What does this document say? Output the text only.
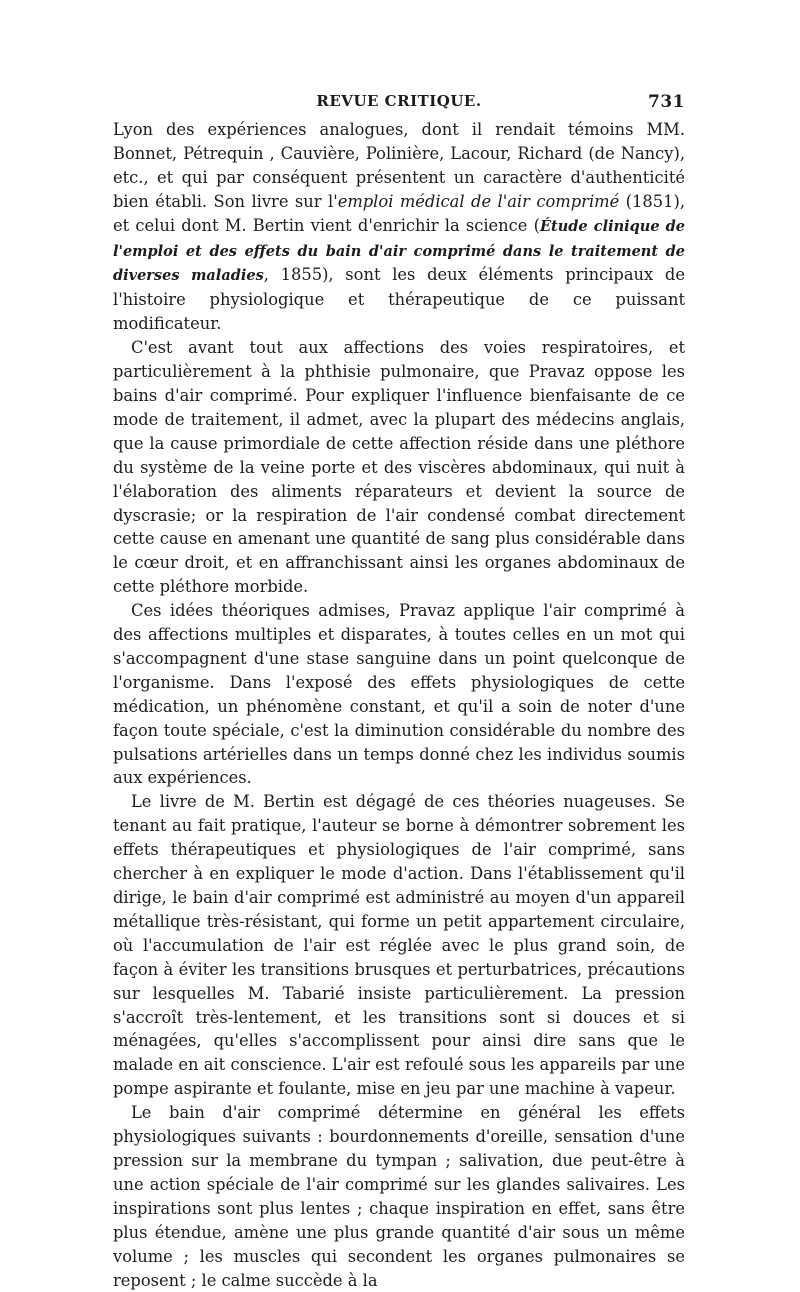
REVUE CRITIQUE.	731

Lyon des expériences analogues, dont il rendait témoins MM. Bonnet, Pétrequin , Cauvière, Polinière, Lacour, Richard (de Nancy), etc., et qui par conséquent présentent un caractère d'authenticité bien établi. Son livre sur l'emploi médical de l'air comprimé (1851), et celui dont M. Bertin vient d'enrichir la science (Étude clinique de l'emploi et des effets du bain d'air comprimé dans le traitement de diverses maladies, 1855), sont les deux éléments principaux de l'histoire physiologique et thérapeutique de ce puissant modificateur.

C'est avant tout aux affections des voies respiratoires, et particulièrement à la phthisie pulmonaire, que Pravaz oppose les bains d'air comprimé. Pour expliquer l'influence bienfaisante de ce mode de traitement, il admet, avec la plupart des médecins anglais, que la cause primordiale de cette affection réside dans une pléthore du système de la veine porte et des viscères abdominaux, qui nuit à l'élaboration des aliments réparateurs et devient la source de dyscrasie; or la respiration de l'air condensé combat directement cette cause en amenant une quantité de sang plus considérable dans le cœur droit, et en affranchissant ainsi les organes abdominaux de cette pléthore morbide.

Ces idées théoriques admises, Pravaz applique l'air comprimé à des affections multiples et disparates, à toutes celles en un mot qui s'accompagnent d'une stase sanguine dans un point quelconque de l'organisme. Dans l'exposé des effets physiologiques de cette médication, un phénomène constant, et qu'il a soin de noter d'une façon toute spéciale, c'est la diminution considérable du nombre des pulsations artérielles dans un temps donné chez les individus soumis aux expériences.

Le livre de M. Bertin est dégagé de ces théories nuageuses. Se tenant au fait pratique, l'auteur se borne à démontrer sobrement les effets thérapeutiques et physiologiques de l'air comprimé, sans chercher à en expliquer le mode d'action. Dans l'établissement qu'il dirige, le bain d'air comprimé est administré au moyen d'un appareil métallique très-résistant, qui forme un petit appartement circulaire, où l'accumulation de l'air est réglée avec le plus grand soin, de façon à éviter les transitions brusques et perturbatrices, précautions sur lesquelles M. Tabarié insiste particulièrement. La pression s'accroît très-lentement, et les transitions sont si douces et si ménagées, qu'elles s'accomplissent pour ainsi dire sans que le malade en ait conscience. L'air est refoulé sous les appareils par une pompe aspirante et foulante, mise en jeu par une machine à vapeur.

Le bain d'air comprimé détermine en général les effets physiologiques suivants : bourdonnements d'oreille, sensation d'une pression sur la membrane du tympan ; salivation, due peut-être à une action spéciale de l'air comprimé sur les glandes salivaires. Les inspirations sont plus lentes ; chaque inspiration en effet, sans être plus étendue, amène une plus grande quantité d'air sous un même volume ; les muscles qui secondent les organes pulmonaires se reposent ; le calme succède à la
